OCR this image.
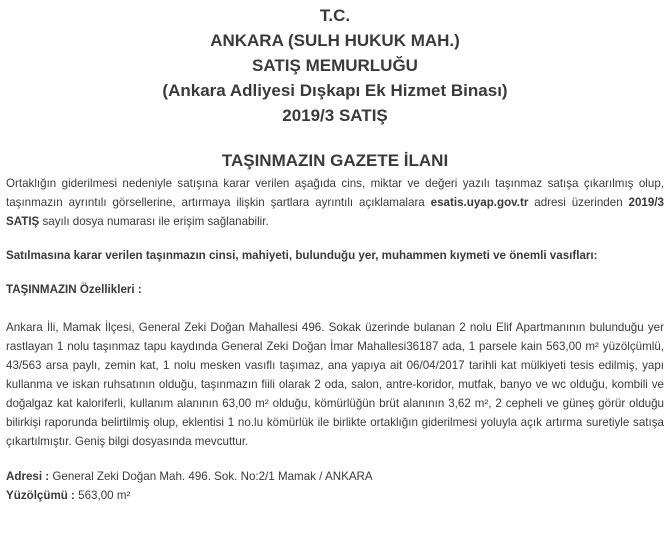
T.C.
ANKARA (SULH HUKUK MAH.)
SATIŞ MEMURLUĞU
(Ankara Adliyesi Dışkapı Ek Hizmet Binası)
2019/3 SATIŞ
TAŞINMAZIN GAZETE İLANI

Ortaklığın giderilmesi nedeniyle satışına karar verilen aşağıda cins, miktar ve değeri yazılı taşınmaz satışa çıkarılmış olup, taşınmazın ayrıntılı görsellerine, artırmaya ilişkin şartlara ayrıntılı açıklamalara esatis.uyap.gov.tr adresi üzerinden 2019/3 SATIŞ sayılı dosya numarası ile erişim sağlanabilir.

Satılmasına karar verilen taşınmazın cinsi, mahiyeti, bulunduğu yer, muhammen kıymeti ve önemli vasıfları:
TAŞINMAZIN Özellikleri :

Ankara İli, Mamak İlçesi, General Zeki Doğan Mahallesi 496. Sokak üzerinde bulanan 2 nolu Elif Apartmanının bulunduğu yer rastlayan 1 nolu taşınmaz tapu kaydında General Zeki Doğan İmar Mahallesi36187 ada, 1 parsele kain 563,00 m² yüzölçümlü, 43/563 arsa paylı, zemin kat, 1 nolu mesken vasıflı taşımaz, ana yapıya ait 06/04/2017 tarihli kat mülkiyeti tesis edilmiş, yapı kullanma ve iskan ruhsatının olduğu, taşınmazın fiili olarak 2 oda, salon, antre-koridor, mutfak, banyo ve wc olduğu, kombili ve doğalgaz kat kaloriferli, kullanım alanının 63,00 m² olduğu, kömürlüğün brüt alanının 3,62 m², 2 cepheli ve güneş görür olduğu bilirkişi raporunda belirtilmiş olup, eklentisi 1 no.lu kömürlük ile birlikte ortaklığın giderilmesi yoluyla açık artırma suretiyle satışa çıkartılmıştır. Geniş bilgi dosyasında mevcuttur.

Adresi : General Zeki Doğan Mah. 496. Sok. No:2/1 Mamak / ANKARA
Yüzölçümü : 563,00 m²
